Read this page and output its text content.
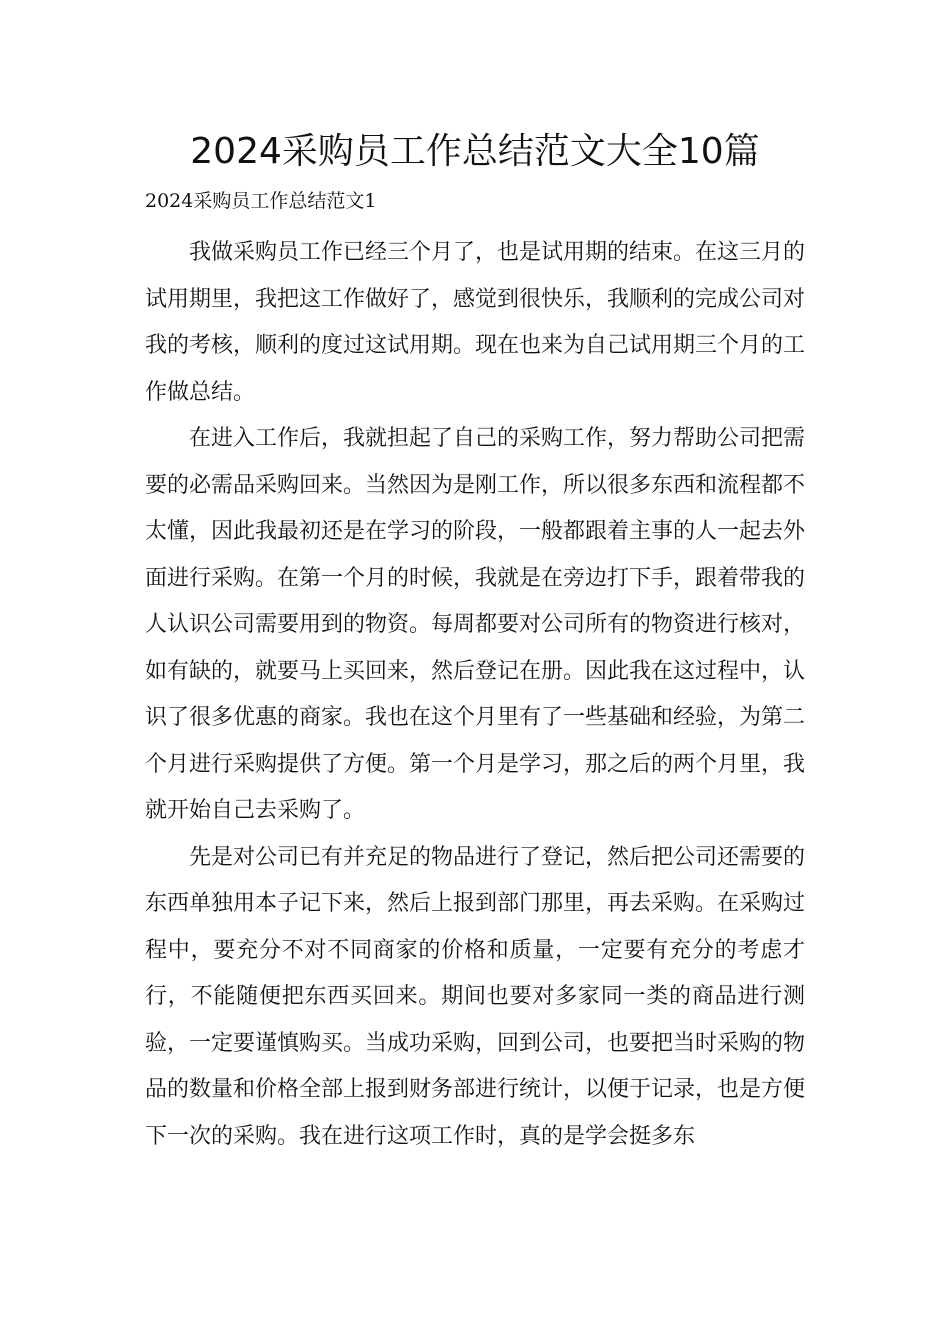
2024采购员工作总结范文大全10篇

2024采购员工作总结范文1

我做采购员工作已经三个月了，也是试用期的结束。在这三月的试用期里，我把这工作做好了，感觉到很快乐，我顺利的完成公司对我的考核，顺利的度过这试用期。现在也来为自己试用期三个月的工作做总结。

在进入工作后，我就担起了自己的采购工作，努力帮助公司把需要的必需品采购回来。当然因为是刚工作，所以很多东西和流程都不太懂，因此我最初还是在学习的阶段，一般都跟着主事的人一起去外面进行采购。在第一个月的时候，我就是在旁边打下手，跟着带我的人认识公司需要用到的物资。每周都要对公司所有的物资进行核对，如有缺的，就要马上买回来，然后登记在册。因此我在这过程中，认识了很多优惠的商家。我也在这个月里有了一些基础和经验，为第二个月进行采购提供了方便。第一个月是学习，那之后的两个月里，我就开始自己去采购了。

先是对公司已有并充足的物品进行了登记，然后把公司还需要的东西单独用本子记下来，然后上报到部门那里，再去采购。在采购过程中，要充分不对不同商家的价格和质量，一定要有充分的考虑才行，不能随便把东西买回来。期间也要对多家同一类的商品进行测验，一定要谨慎购买。当成功采购，回到公司，也要把当时采购的物品的数量和价格全部上报到财务部进行统计，以便于记录，也是方便下一次的采购。我在进行这项工作时，真的是学会挺多东
